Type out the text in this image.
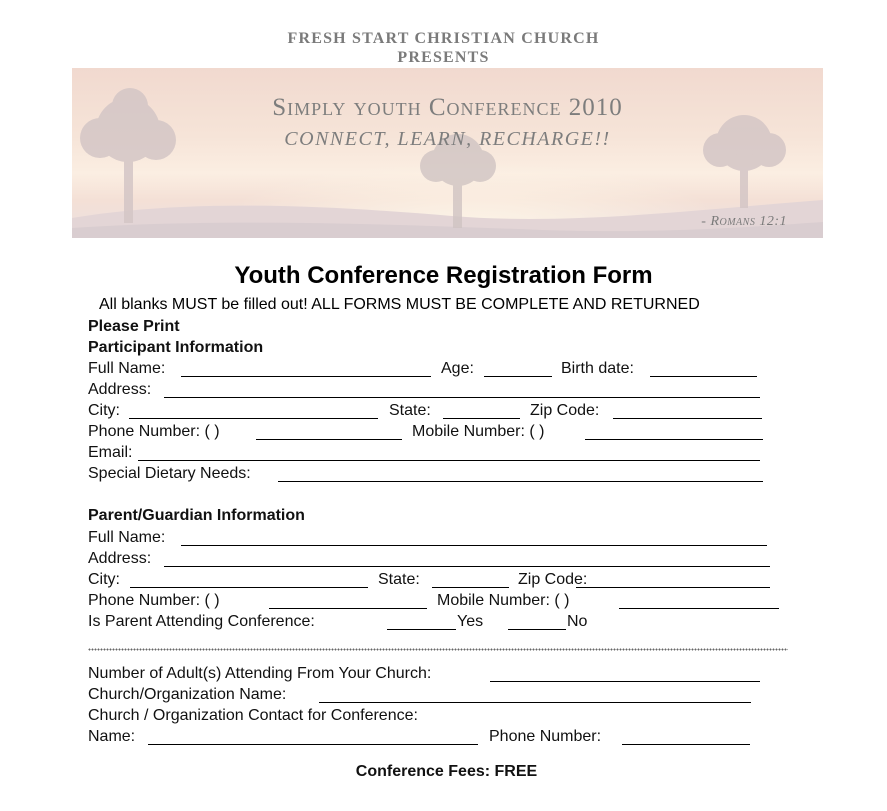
FRESH START CHRISTIAN CHURCH
PRESENTS
Simply youth Conference 2010
CONNECT, LEARN, RECHARGE!!
- Romans 12:1
Youth Conference Registration Form
All blanks MUST be filled out! ALL FORMS MUST BE COMPLETE AND RETURNED
Please Print
Participant Information
Full Name:	Age:	Birth date:
Address:
City:	State:	Zip Code:
Phone Number: ( )	Mobile Number: ( )
Email:
Special Dietary Needs:
Parent/Guardian Information
Full Name:
Address:
City:	State:	Zip Code:
Phone Number: ( )	Mobile Number: ( )
Is Parent Attending Conference:	Yes	No
Number of Adult(s) Attending From Your Church:
Church/Organization Name:
Church / Organization Contact for Conference:
Name:	Phone Number:
Conference Fees: FREE
